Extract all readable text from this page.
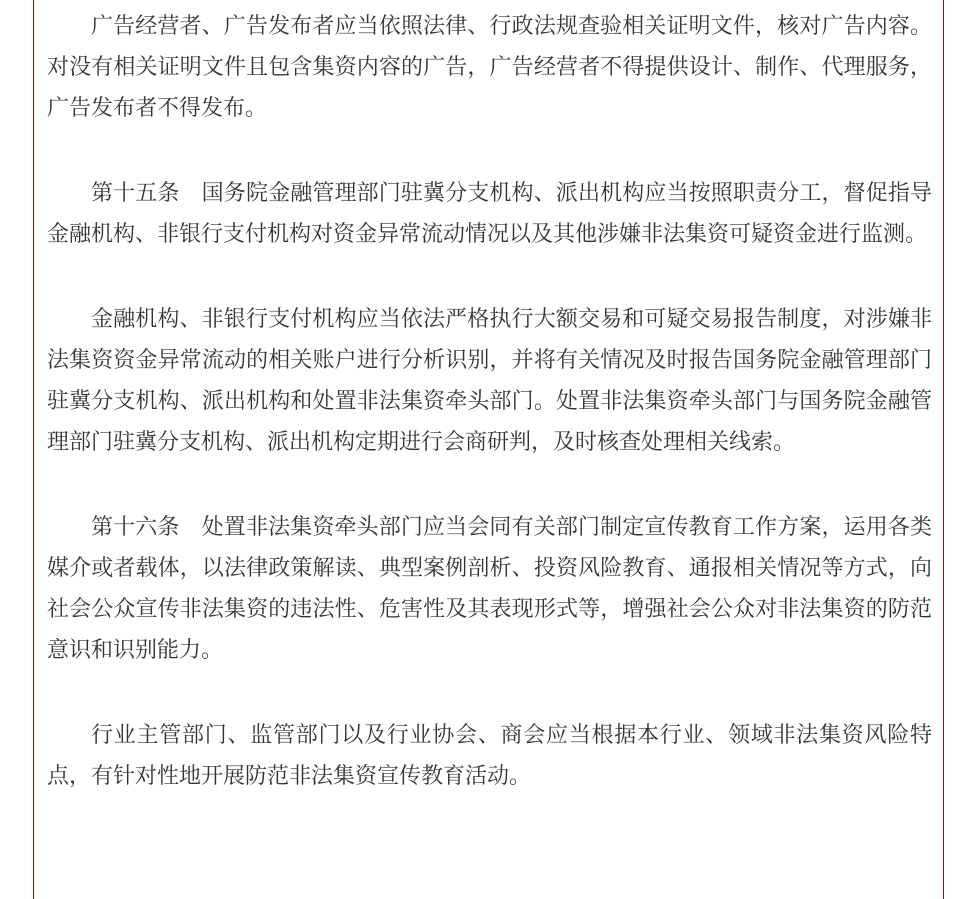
广告经营者、广告发布者应当依照法律、行政法规查验相关证明文件，核对广告内容。对没有相关证明文件且包含集资内容的广告，广告经营者不得提供设计、制作、代理服务，广告发布者不得发布。

第十五条　国务院金融管理部门驻冀分支机构、派出机构应当按照职责分工，督促指导金融机构、非银行支付机构对资金异常流动情况以及其他涉嫌非法集资可疑资金进行监测。

金融机构、非银行支付机构应当依法严格执行大额交易和可疑交易报告制度，对涉嫌非法集资资金异常流动的相关账户进行分析识别，并将有关情况及时报告国务院金融管理部门驻冀分支机构、派出机构和处置非法集资牵头部门。处置非法集资牵头部门与国务院金融管理部门驻冀分支机构、派出机构定期进行会商研判，及时核查处理相关线索。

第十六条　处置非法集资牵头部门应当会同有关部门制定宣传教育工作方案，运用各类媒介或者载体，以法律政策解读、典型案例剖析、投资风险教育、通报相关情况等方式，向社会公众宣传非法集资的违法性、危害性及其表现形式等，增强社会公众对非法集资的防范意识和识别能力。

行业主管部门、监管部门以及行业协会、商会应当根据本行业、领域非法集资风险特点，有针对性地开展防范非法集资宣传教育活动。
